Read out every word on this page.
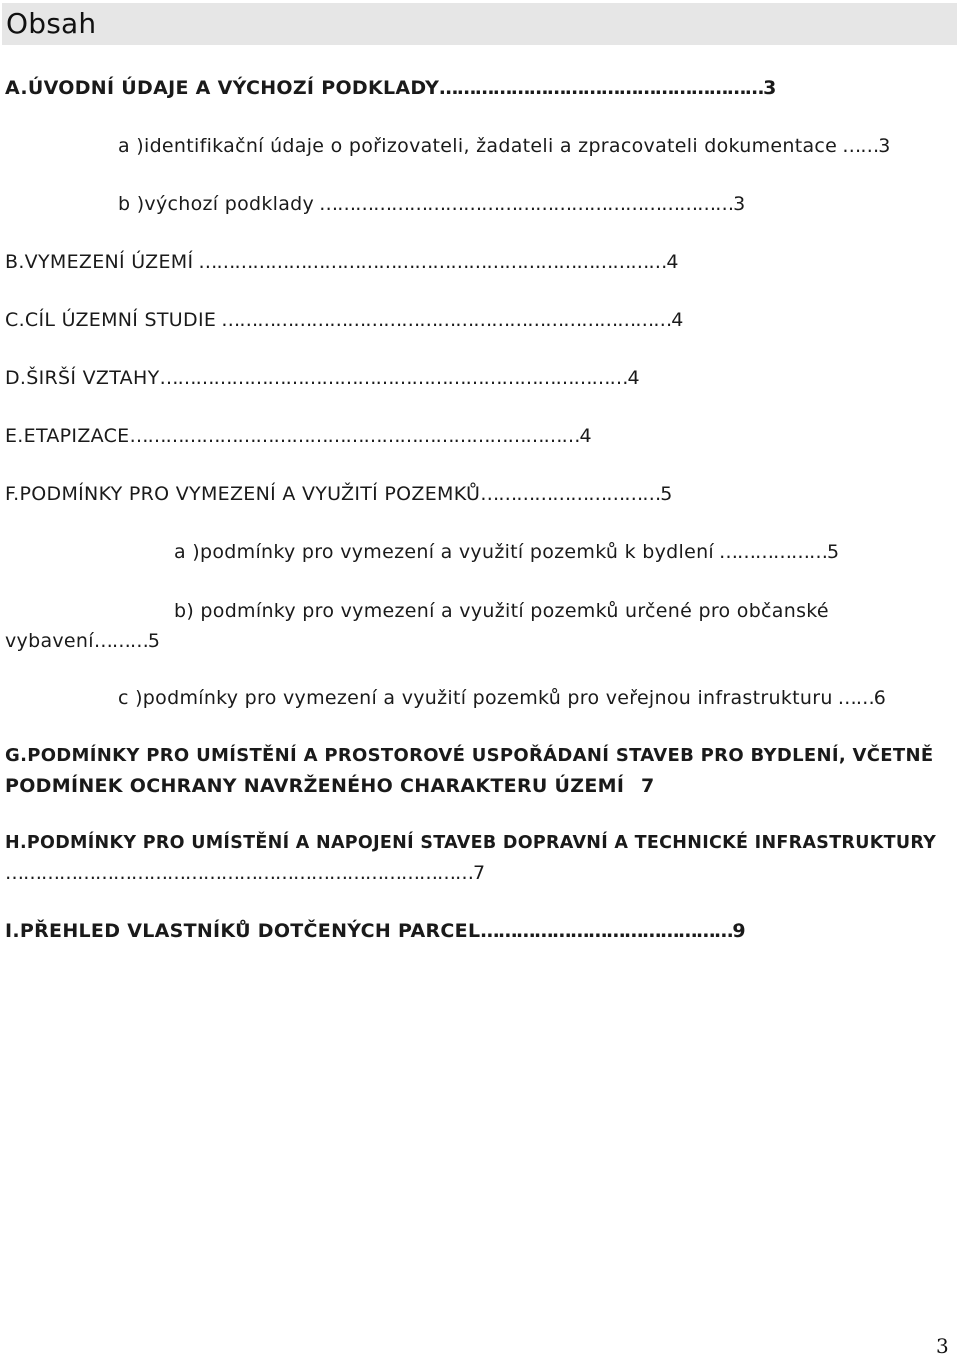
Obsah
A.ÚVODNÍ ÚDAJE A VÝCHOZÍ PODKLADY………………………………………………3
a )identifikační údaje o pořizovateli, žadateli a zpracovateli dokumentace ……3
b )výchozí podklady ……………………………………………………………3
B.VYMEZENÍ ÚZEMÍ ……………………………………………………………………4
C.CÍL ÚZEMNÍ STUDIE …………………………………………………………………4
D.ŠIRŠÍ VZTAHY……………………………………………………………………4
E.ETAPIZACE…………………………………………………………………4
F.PODMÍNKY PRO VYMEZENÍ A VYUŽITÍ POZEMKŮ…………………………5
a )podmínky pro vymezení a využití pozemků k bydlení ………………5
b) podmínky pro vymezení a využití pozemků určené pro občanské
vybavení………5
c )podmínky pro vymezení a využití pozemků pro veřejnou infrastrukturu ……6
G.PODMÍNKY PRO UMÍSTĚNÍ A PROSTOROVÉ USPOŘÁDANÍ STAVEB PRO BYDLENÍ, VČETNĚ
PODMÍNEK OCHRANY NAVRŽENÉHO CHARAKTERU ÚZEMÍ 7
H.PODMÍNKY PRO UMÍSTĚNÍ A NAPOJENÍ STAVEB DOPRAVNÍ A TECHNICKÉ INFRASTRUKTURY
……………………………………………………………………7
I.PŘEHLED VLASTNÍKŮ DOTČENÝCH PARCEL……………………………………9
3
